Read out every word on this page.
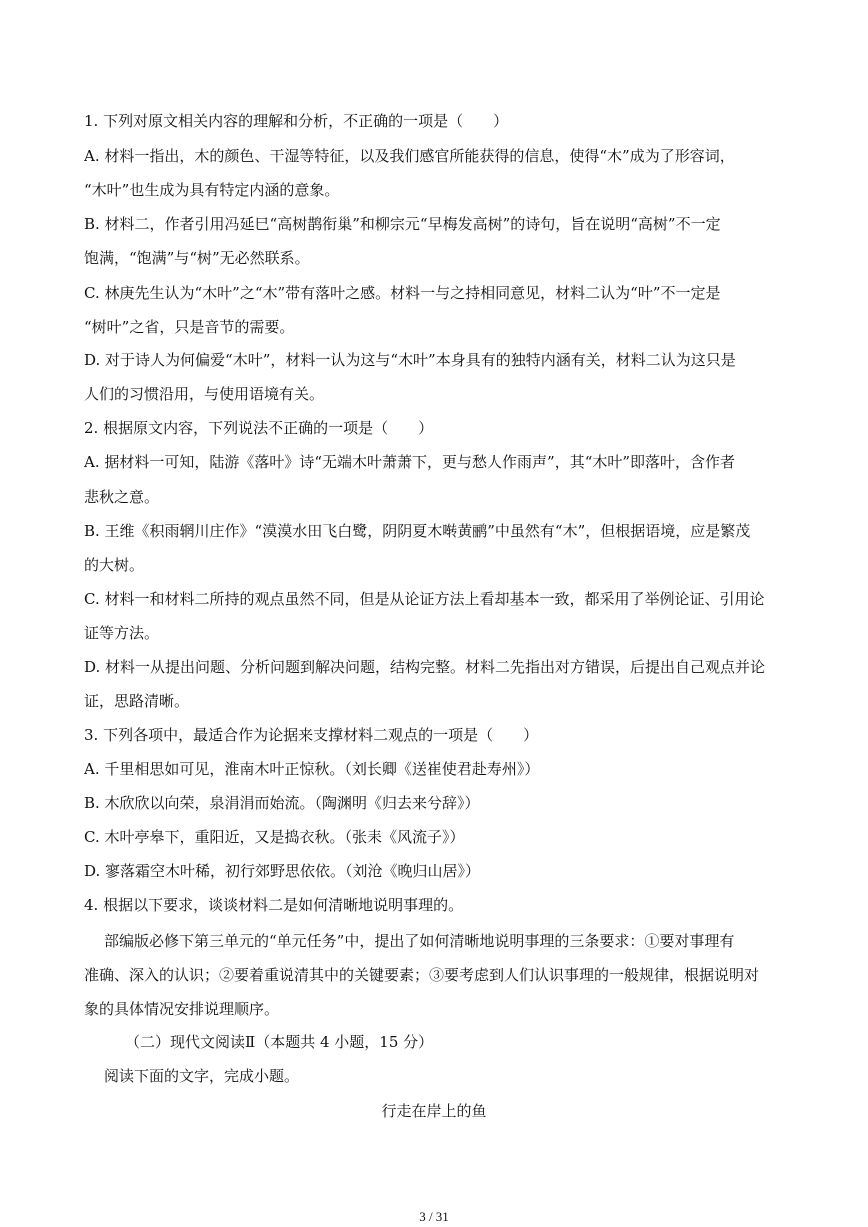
1. 下列对原文相关内容的理解和分析，不正确的一项是（　　）
A. 材料一指出，木的颜色、干湿等特征，以及我们感官所能获得的信息，使得“木”成为了形容词，
“木叶”也生成为具有特定内涵的意象。
B. 材料二，作者引用冯延巳“高树鹊衔巢”和柳宗元“早梅发高树”的诗句，旨在说明“高树”不一定
饱满，“饱满”与“树”无必然联系。
C. 林庚先生认为“木叶”之“木”带有落叶之感。材料一与之持相同意见，材料二认为“叶”不一定是
“树叶”之省，只是音节的需要。
D. 对于诗人为何偏爱“木叶”，材料一认为这与“木叶”本身具有的独特内涵有关，材料二认为这只是
人们的习惯沿用，与使用语境有关。
2. 根据原文内容，下列说法不正确的一项是（　　）
A. 据材料一可知，陆游《落叶》诗“无端木叶萧萧下，更与愁人作雨声”，其“木叶”即落叶，含作者
悲秋之意。
B. 王维《积雨辋川庄作》“漠漠水田飞白鹭，阴阴夏木啭黄鹂”中虽然有“木”，但根据语境，应是繁茂
的大树。
C. 材料一和材料二所持的观点虽然不同，但是从论证方法上看却基本一致，都采用了举例论证、引用论
证等方法。
D. 材料一从提出问题、分析问题到解决问题，结构完整。材料二先指出对方错误，后提出自己观点并论
证，思路清晰。
3. 下列各项中，最适合作为论据来支撑材料二观点的一项是（　　）
A. 千里相思如可见，淮南木叶正惊秋。（刘长卿《送崔使君赴寿州》）
B. 木欣欣以向荣，泉涓涓而始流。（陶渊明《归去来兮辞》）
C. 木叶亭皋下，重阳近，又是捣衣秋。（张耒《风流子》）
D. 寥落霜空木叶稀，初行郊野思依依。（刘沧《晚归山居》）
4. 根据以下要求，谈谈材料二是如何清晰地说明事理的。
部编版必修下第三单元的“单元任务”中，提出了如何清晰地说明事理的三条要求：①要对事理有
准确、深入的认识；②要着重说清其中的关键要素；③要考虑到人们认识事理的一般规律，根据说明对
象的具体情况安排说理顺序。
（二）现代文阅读Ⅱ（本题共 4 小题，15 分）
阅读下面的文字，完成小题。
行走在岸上的鱼
3 / 31
